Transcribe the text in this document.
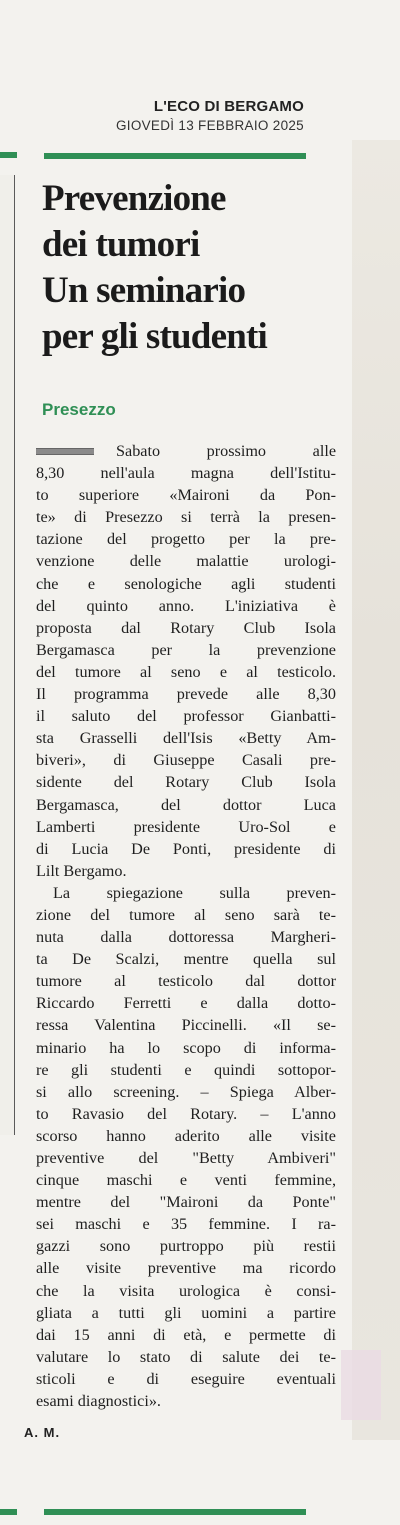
L'ECO DI BERGAMO
GIOVEDÌ 13 FEBBRAIO 2025
Prevenzione
dei tumori
Un seminario
per gli studenti
Presezzo
Sabato prossimo alle
8,30 nell'aula magna dell'Istitu-
to superiore «Maironi da Pon-
te» di Presezzo si terrà la presen-
tazione del progetto per la pre-
venzione delle malattie urologi-
che e senologiche agli studenti
del quinto anno. L'iniziativa è
proposta dal Rotary Club Isola
Bergamasca per la prevenzione
del tumore al seno e al testicolo.
Il programma prevede alle 8,30
il saluto del professor Gianbatti-
sta Grasselli dell'Isis «Betty Am-
biveri», di Giuseppe Casali pre-
sidente del Rotary Club Isola
Bergamasca, del dottor Luca
Lamberti presidente Uro-Sol e
di Lucia De Ponti, presidente di
Lilt Bergamo.
La spiegazione sulla preven-
zione del tumore al seno sarà te-
nuta dalla dottoressa Margheri-
ta De Scalzi, mentre quella sul
tumore al testicolo dal dottor
Riccardo Ferretti e dalla dotto-
ressa Valentina Piccinelli. «Il se-
minario ha lo scopo di informa-
re gli studenti e quindi sottopor-
si allo screening. – Spiega Alber-
to Ravasio del Rotary. – L'anno
scorso hanno aderito alle visite
preventive del "Betty Ambiveri"
cinque maschi e venti femmine,
mentre del "Maironi da Ponte"
sei maschi e 35 femmine. I ra-
gazzi sono purtroppo più restii
alle visite preventive ma ricordo
che la visita urologica è consi-
gliata a tutti gli uomini a partire
dai 15 anni di età, e permette di
valutare lo stato di salute dei te-
sticoli e di eseguire eventuali
esami diagnostici».
A. M.
